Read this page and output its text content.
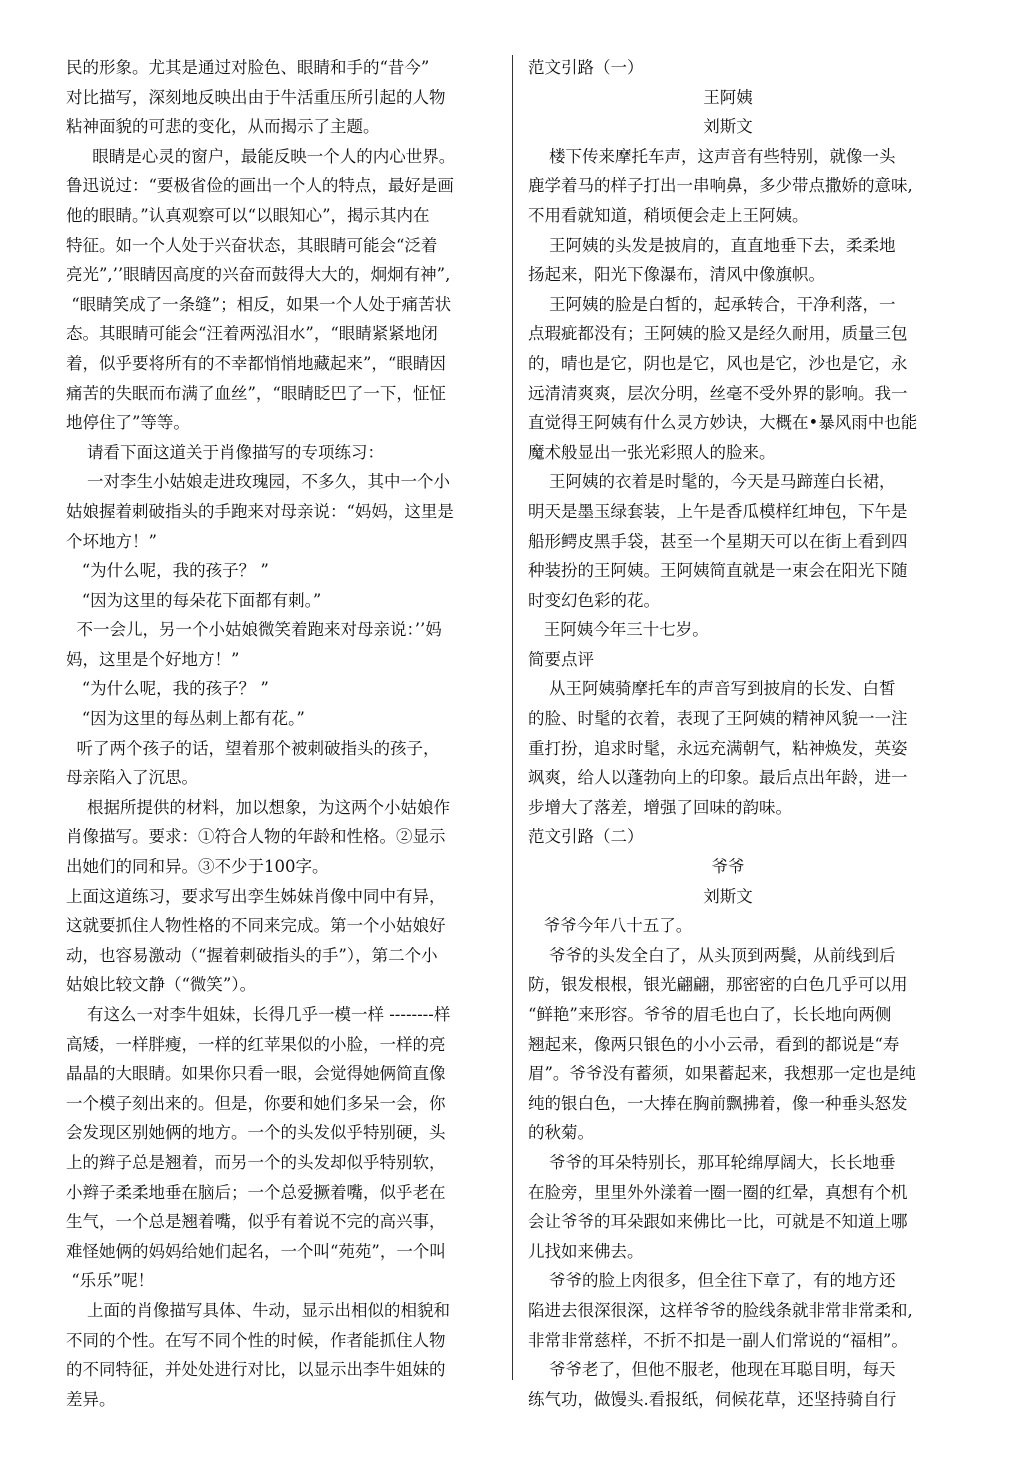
民的形象。尤其是通过对脸色、眼睛和手的“昔今”
对比描写，深刻地反映出由于牛活重压所引起的人物
粘神面貌的可悲的变化，从而揭示了主题。
眼睛是心灵的窗户，最能反映一个人的内心世界。
鲁迅说过：“要极省俭的画出一个人的特点，最好是画
他的眼睛。”认真观察可以“以眼知心”，揭示其内在
特征。如一个人处于兴奋状态，其眼睛可能会“泛着
亮光”,’’眼睛因高度的兴奋而鼓得大大的，炯炯有神”,
“眼睛笑成了一条缝”；相反，如果一个人处于痛苦状
态。其眼睛可能会“汪着两泓泪水”，“眼睛紧紧地闭
着，似乎要将所有的不幸都悄悄地藏起来”，“眼睛因
痛苦的失眠而布满了血丝”，“眼睛眨巴了一下，怔怔
地停住了”等等。
请看下面这道关于肖像描写的专项练习：
一对李生小姑娘走进玫瑰园，不多久，其中一个小
姑娘握着刺破指头的手跑来对母亲说：“妈妈，这里是
个坏地方！”
“为什么呢，我的孩子？ ”
“因为这里的每朵花下面都有刺。”
不一会儿，另一个小姑娘微笑着跑来对母亲说：’’妈
妈，这里是个好地方！”
“为什么呢，我的孩子？ ”
“因为这里的每丛刺上都有花。”
听了两个孩子的话，望着那个被刺破指头的孩子，
母亲陷入了沉思。
根据所提供的材料，加以想象，为这两个小姑娘作
肖像描写。要求：①符合人物的年龄和性格。②显示
出她们的同和异。③不少于100字。
上面这道练习，要求写出孪生姊妹肖像中同中有异，
这就要抓住人物性格的不同来完成。第一个小姑娘好
动，也容易激动（“握着刺破指头的手”），第二个小
姑娘比较文静（“微笑”）。
有这么一对李牛姐妹，长得几乎一模一样 --------样
高矮，一样胖瘦，一样的红苹果似的小脸，一样的亮
晶晶的大眼睛。如果你只看一眼，会觉得她俩简直像
一个模子刻出来的。但是，你要和她们多呆一会，你
会发现区别她俩的地方。一个的头发似乎特别硬，头
上的辫子总是翘着，而另一个的头发却似乎特别软，
小辫子柔柔地垂在脑后；一个总爱撅着嘴，似乎老在
生气，一个总是翘着嘴，似乎有着说不完的高兴事，
难怪她俩的妈妈给她们起名，一个叫“苑苑”，一个叫
“乐乐”呢！
上面的肖像描写具体、牛动，显示出相似的相貌和
不同的个性。在写不同个性的时候，作者能抓住人物
的不同特征，并处处进行对比，以显示出李牛姐妹的
差异。
范文引路（一）
王阿姨
刘斯文
楼下传来摩托车声，这声音有些特别，就像一头
鹿学着马的样子打出一串响鼻，多少带点撒娇的意味,
不用看就知道，稍顷便会走上王阿姨。
王阿姨的头发是披肩的，直直地垂下去，柔柔地
扬起来，阳光下像瀑布，清风中像旗帜。
王阿姨的脸是白皙的，起承转合，干净利落，一
点瑕疵都没有；王阿姨的脸又是经久耐用，质量三包
的，晴也是它，阴也是它，风也是它，沙也是它，永
远清清爽爽，层次分明，丝毫不受外界的影响。我一
直觉得王阿姨有什么灵方妙诀，大概在•暴风雨中也能
魔术般显出一张光彩照人的脸来。
王阿姨的衣着是时髦的，今天是马蹄莲白长裙，
明天是墨玉绿套装，上午是香瓜模样红坤包，下午是
船形鳄皮黑手袋，甚至一个星期天可以在街上看到四
种装扮的王阿姨。王阿姨简直就是一束会在阳光下随
时变幻色彩的花。
王阿姨今年三十七岁。
简要点评
从王阿姨骑摩托车的声音写到披肩的长发、白皙
的脸、时髦的衣着，表现了王阿姨的精神风貌一一注
重打扮，追求时髦，永远充满朝气，粘神焕发，英姿
飒爽，给人以蓬勃向上的印象。最后点出年龄，进一
步增大了落差，增强了回味的韵味。
范文引路（二）
爷爷
刘斯文
爷爷今年八十五了。
爷爷的头发全白了，从头顶到两鬓，从前线到后
防，银发根根，银光翩翩，那密密的白色几乎可以用
“鲜艳”来形容。爷爷的眉毛也白了，长长地向两侧
翘起来，像两只银色的小小云帚，看到的都说是“寿
眉”。爷爷没有蓄须，如果蓄起来，我想那一定也是纯
纯的银白色，一大捧在胸前飘拂着，像一种垂头怒发
的秋菊。
爷爷的耳朵特别长，那耳轮绵厚阔大，长长地垂
在脸旁，里里外外漾着一圈一圈的红晕，真想有个机
会让爷爷的耳朵跟如来佛比一比，可就是不知道上哪
儿找如来佛去。
爷爷的脸上肉很多，但全往下章了，有的地方还
陷进去很深很深，这样爷爷的脸线条就非常非常柔和,
非常非常慈样，不折不扣是一副人们常说的“福相”。
爷爷老了，但他不服老，他现在耳聪目明，每天
练气功，做馒头.看报纸，伺候花草，还坚持骑自行
